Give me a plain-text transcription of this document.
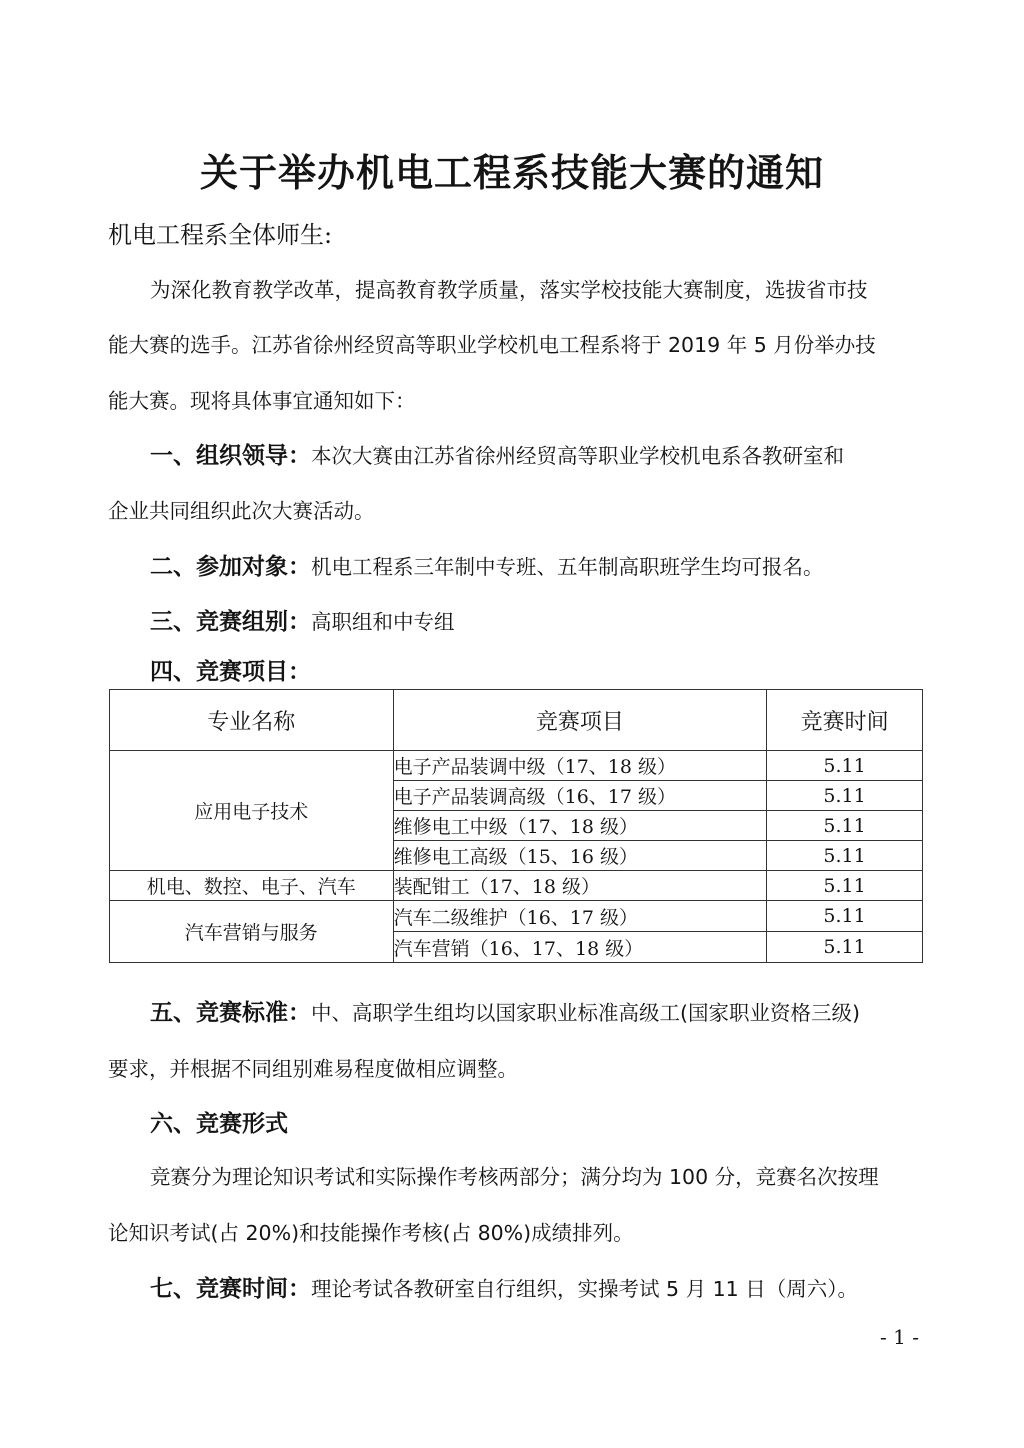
关于举办机电工程系技能大赛的通知
机电工程系全体师生:
为深化教育教学改革，提高教育教学质量，落实学校技能大赛制度，选拔省市技
能大赛的选手。江苏省徐州经贸高等职业学校机电工程系将于 2019 年 5 月份举办技
能大赛。现将具体事宜通知如下：
一、组织领导：本次大赛由江苏省徐州经贸高等职业学校机电系各教研室和
企业共同组织此次大赛活动。
二、参加对象：机电工程系三年制中专班、五年制高职班学生均可报名。
三、竞赛组别：高职组和中专组
四、竞赛项目：
专业名称	竞赛项目	竞赛时间
应用电子技术	电子产品装调中级（17、18 级）	5.11
	电子产品装调高级（16、17 级）	5.11
	维修电工中级（17、18 级）	5.11
	维修电工高级（15、16 级）	5.11
机电、数控、电子、汽车	装配钳工（17、18 级）	5.11
汽车营销与服务	汽车二级维护（16、17 级）	5.11
	汽车营销（16、17、18 级）	5.11
五、竞赛标准：中、高职学生组均以国家职业标准高级工(国家职业资格三级)
要求，并根据不同组别难易程度做相应调整。
六、竞赛形式
竞赛分为理论知识考试和实际操作考核两部分；满分均为 100 分，竞赛名次按理
论知识考试(占 20%)和技能操作考核(占 80%)成绩排列。
七、竞赛时间：理论考试各教研室自行组织，实操考试 5 月 11 日（周六）。
- 1 -
